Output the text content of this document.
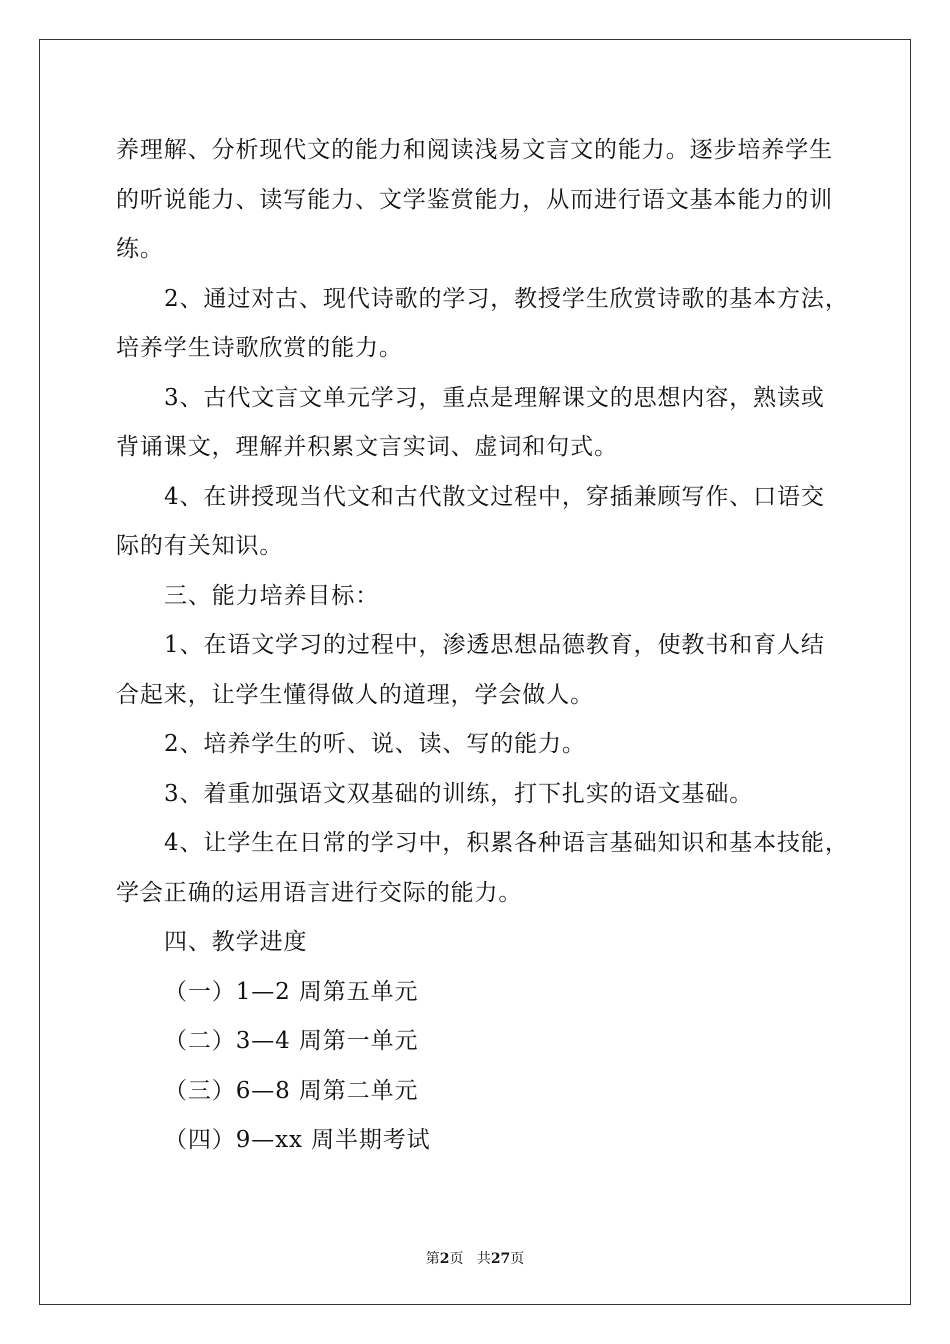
养理解、分析现代文的能力和阅读浅易文言文的能力。逐步培养学生
的听说能力、读写能力、文学鉴赏能力，从而进行语文基本能力的训
练。
2、通过对古、现代诗歌的学习，教授学生欣赏诗歌的基本方法，
培养学生诗歌欣赏的能力。
3、古代文言文单元学习，重点是理解课文的思想内容，熟读或
背诵课文，理解并积累文言实词、虚词和句式。
4、在讲授现当代文和古代散文过程中，穿插兼顾写作、口语交
际的有关知识。
三、能力培养目标：
1、在语文学习的过程中，渗透思想品德教育，使教书和育人结
合起来，让学生懂得做人的道理，学会做人。
2、培养学生的听、说、读、写的能力。
3、着重加强语文双基础的训练，打下扎实的语文基础。
4、让学生在日常的学习中，积累各种语言基础知识和基本技能，
学会正确的运用语言进行交际的能力。
四、教学进度
（一）1—2 周第五单元
（二）3—4 周第一单元
（三）6—8 周第二单元
（四）9—xx 周半期考试
第2页 共27页
